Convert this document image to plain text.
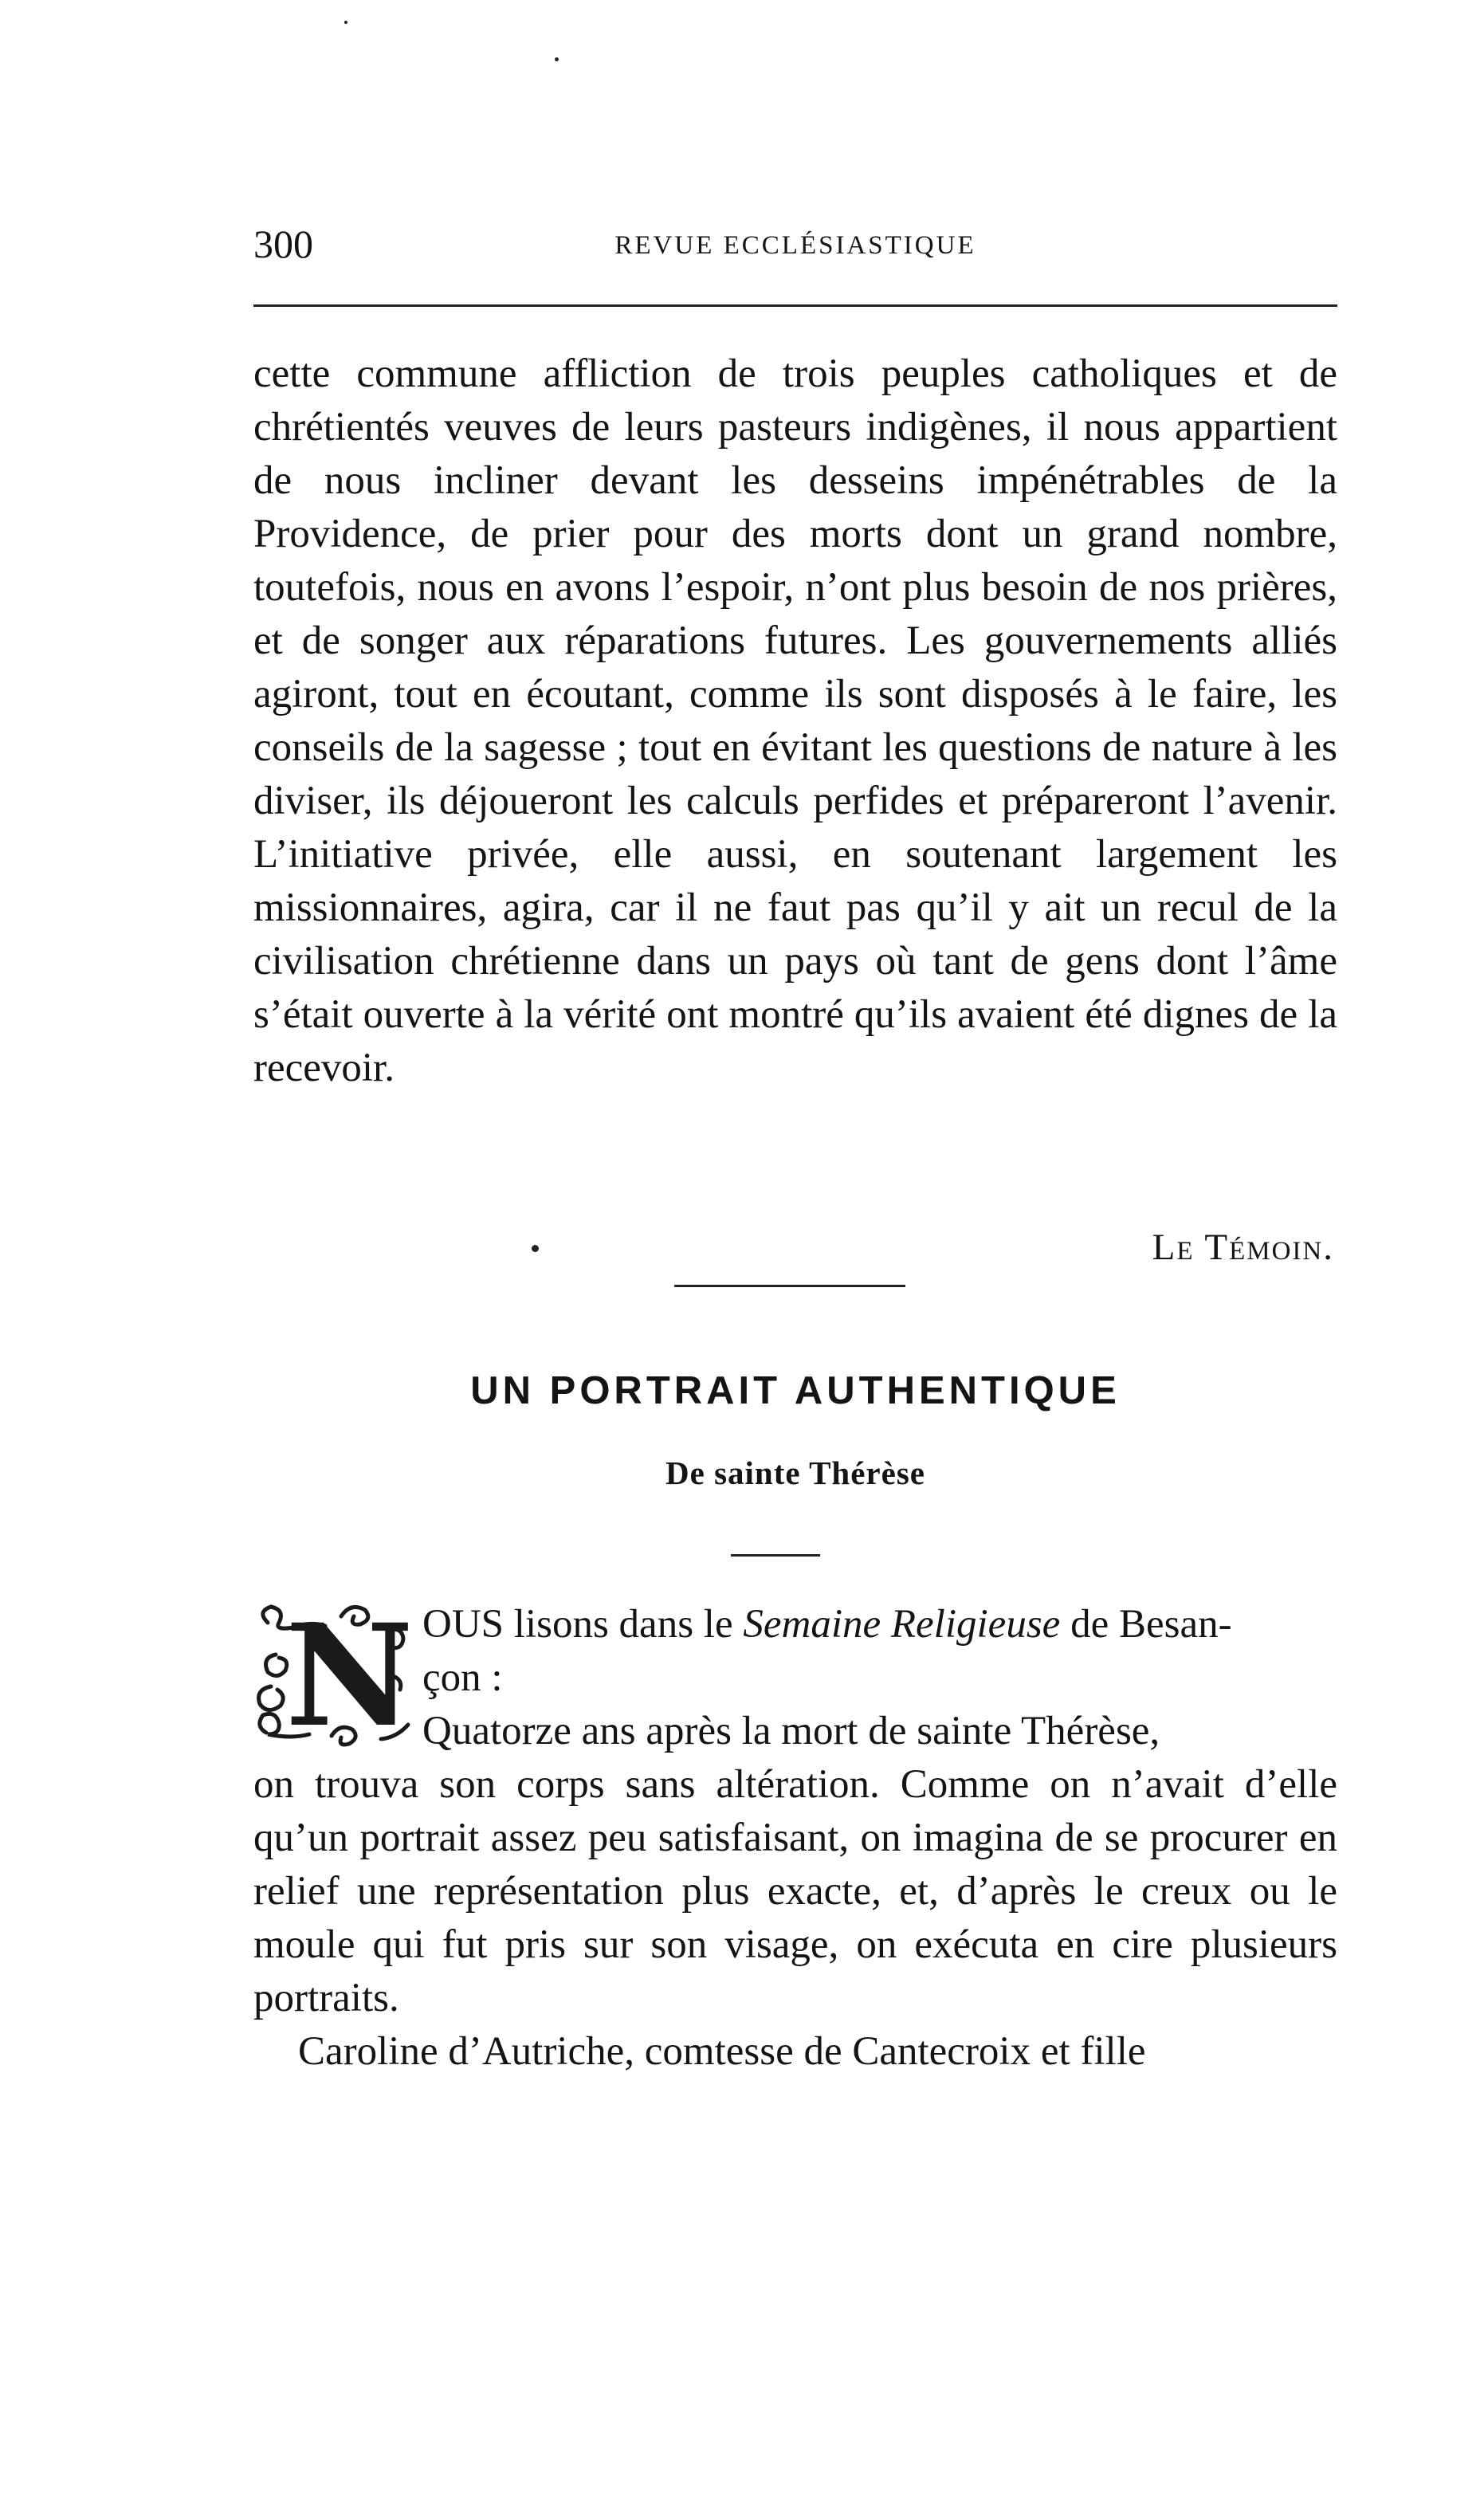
300	REVUE ECCLÉSIASTIQUE

cette commune affliction de trois peuples catholiques et de chrétientés veuves de leurs pasteurs indigènes, il nous appartient de nous incliner devant les desseins impénétrables de la Providence, de prier pour des morts dont un grand nombre, toutefois, nous en avons l’espoir, n’ont plus besoin de nos prières, et de songer aux réparations futures. Les gouvernements alliés agiront, tout en écoutant, comme ils sont disposés à le faire, les conseils de la sagesse ; tout en évitant les questions de nature à les diviser, ils déjoueront les calculs perfides et prépareront l’avenir. L’initiative privée, elle aussi, en soutenant largement les missionnaires, agira, car il ne faut pas qu’il y ait un recul de la civilisation chrétienne dans un pays où tant de gens dont l’âme s’était ouverte à la vérité ont montré qu’ils avaient été dignes de la recevoir.

Le Témoin.
UN PORTRAIT AUTHENTIQUE
De sainte Thérèse
N OUS lisons dans le Semaine Religieuse de Besan-
çon :
Quatorze ans après la mort de sainte Thérèse,
on trouva son corps sans altération. Comme on n’avait d’elle qu’un portrait assez peu satisfaisant, on imagina de se procurer en relief une représentation plus exacte, et, d’après le creux ou le moule qui fut pris sur son visage, on exécuta en cire plusieurs portraits.

Caroline d’Autriche, comtesse de Cantecroix et fille
